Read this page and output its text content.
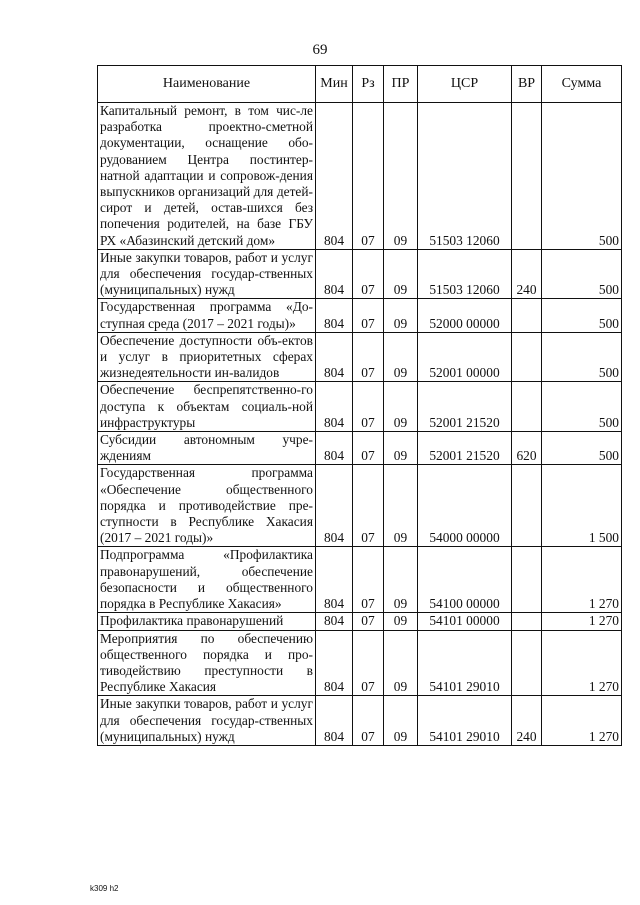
69
Наименование	Мин	Рз	ПР	ЦСР	ВР	Сумма
Капитальный ремонт, в том чис-ле разработка проектно-сметной документации, оснащение обо-рудованием Центра постинтер-натной адаптации и сопровож-дения выпускников организаций для детей-сирот и детей, остав-шихся без попечения родителей, на базе ГБУ РХ «Абазинский детский дом»	804	07	09	51503 12060		500
Иные закупки товаров, работ и услуг для обеспечения государ-ственных (муниципальных) нужд	804	07	09	51503 12060	240	500
Государственная программа «До-ступная среда (2017 – 2021 годы)»	804	07	09	52000 00000		500
Обеспечение доступности объ-ектов и услуг в приоритетных сферах жизнедеятельности ин-валидов	804	07	09	52001 00000		500
Обеспечение беспрепятственно-го доступа к объектам социаль-ной инфраструктуры	804	07	09	52001 21520		500
Субсидии автономным учре-ждениям	804	07	09	52001 21520	620	500
Государственная программа «Обеспечение общественного порядка и противодействие пре-ступности в Республике Хакасия (2017 – 2021 годы)»	804	07	09	54000 00000		1 500
Подпрограмма «Профилактика правонарушений, обеспечение безопасности и общественного порядка в Республике Хакасия»	804	07	09	54100 00000		1 270
Профилактика правонарушений	804	07	09	54101 00000		1 270
Мероприятия по обеспечению общественного порядка и про-тиводействию преступности в Республике Хакасия	804	07	09	54101 29010		1 270
Иные закупки товаров, работ и услуг для обеспечения государ-ственных (муниципальных) нужд	804	07	09	54101 29010	240	1 270
k309 h2
